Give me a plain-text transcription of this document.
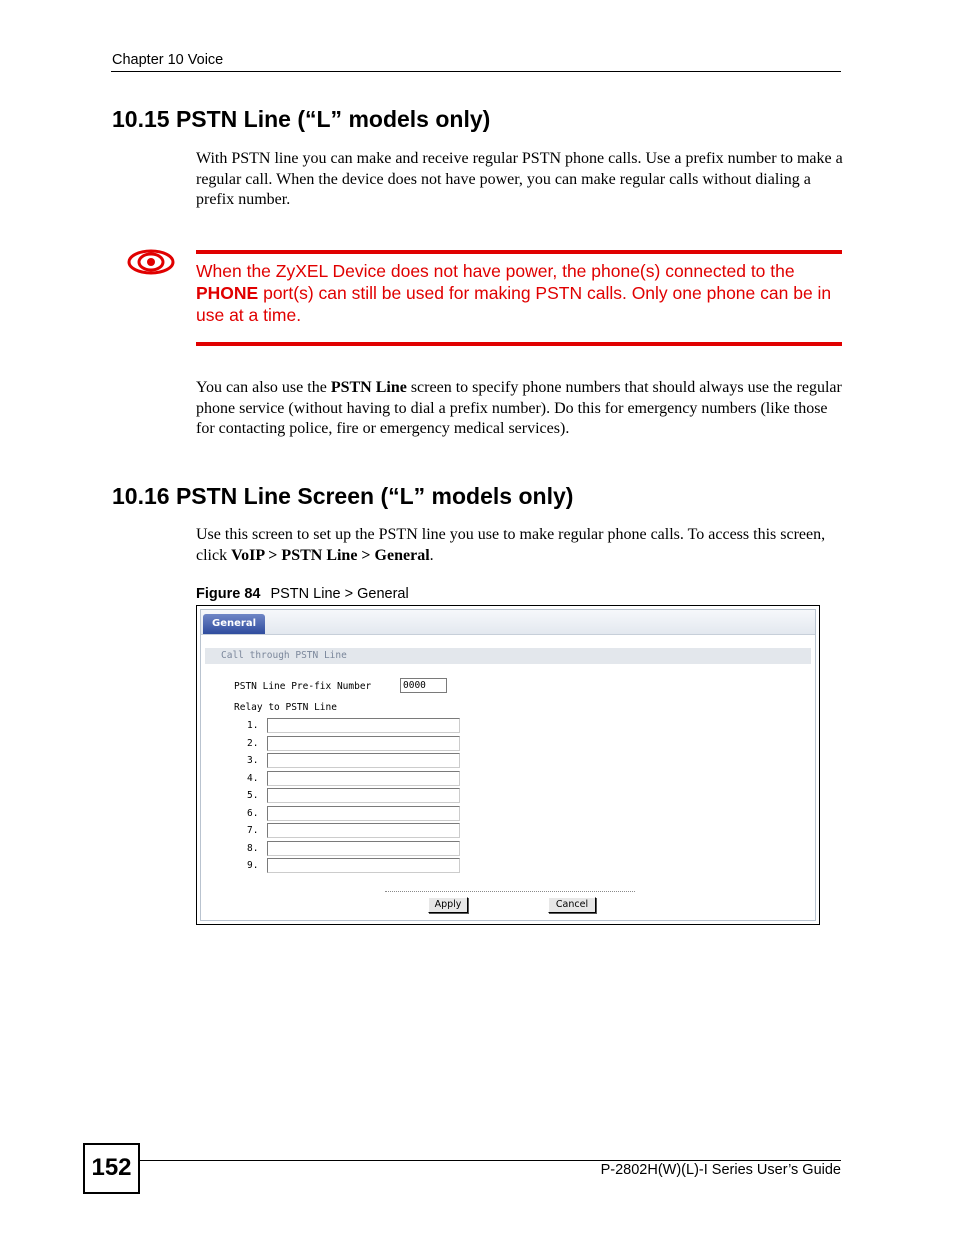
Chapter 10 Voice
10.15 PSTN Line (“L” models only)

With PSTN line you can make and receive regular PSTN phone calls. Use a prefix number to make a regular call. When the device does not have power, you can make regular calls without dialing a prefix number.

When the ZyXEL Device does not have power, the phone(s) connected to the PHONE port(s) can still be used for making PSTN calls. Only one phone can be in use at a time.

You can also use the PSTN Line screen to specify phone numbers that should always use the regular phone service (without having to dial a prefix number). Do this for emergency numbers (like those for contacting police, fire or emergency medical services).

10.16 PSTN Line Screen (“L” models only)

Use this screen to set up the PSTN line you use to make regular phone calls. To access this screen, click VoIP > PSTN Line > General.

Figure 84 PSTN Line > General
General
Call through PSTN Line
PSTN Line Pre-fix Number	0000
Relay to PSTN Line
1.
2.
3.
4.
5.
6.
7.
8.
9.
Apply	Cancel
152	P-2802H(W)(L)-I Series User’s Guide
